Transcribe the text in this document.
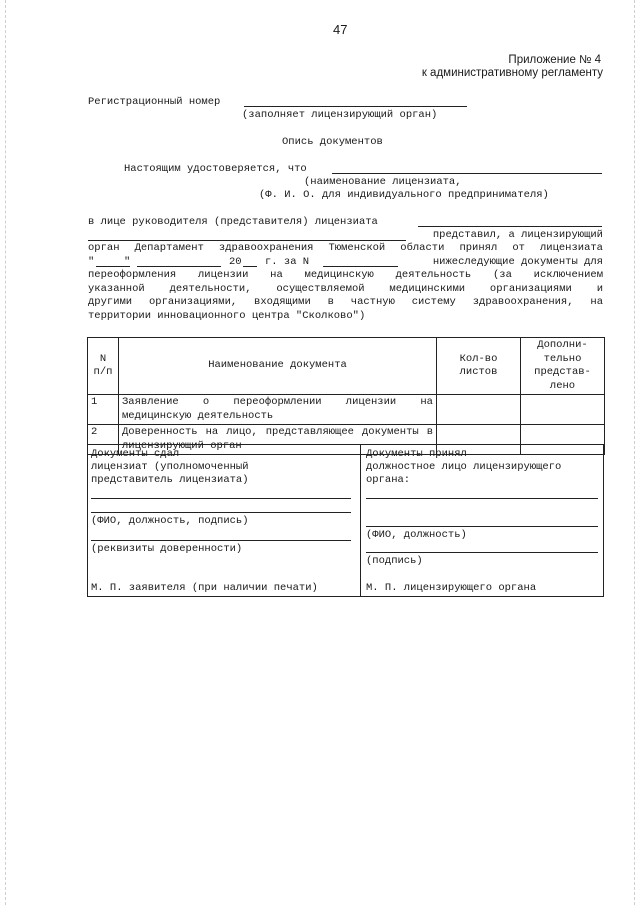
47
Приложение № 4
к административному регламенту
Регистрационный номер
(заполняет лицензирующий орган)
Опись документов
Настоящим удостоверяется, что
(наименование лицензиата,
(Ф. И. О. для индивидуального предпринимателя)
в лице руководителя (представителя) лицензиата
представил, а лицензирующий
орган Департамент здравоохранения Тюменской области принял от лицензиата
"	"	20 г. за N	нижеследующие документы для
переоформления лицензии на медицинскую деятельность (за исключением
указанной деятельности, осуществляемой медицинскими организациями и
другими организациями, входящими в частную систему здравоохранения, на
территории инновационного центра "Сколково")
N п/п	Наименование документа	Кол-во листов	Дополни-тельно представ-лено
1	Заявление о переоформлении лицензии на медицинскую деятельность		
2	Доверенность на лицо, представляющее документы в лицензирующий орган		
Документы сдал
лицензиат (уполномоченный
представитель лицензиата)
(ФИО, должность, подпись)
(реквизиты доверенности)
М. П. заявителя (при наличии печати)
Документы принял
должностное лицо лицензирующего
органа:
(ФИО, должность)
(подпись)
М. П. лицензирующего органа
